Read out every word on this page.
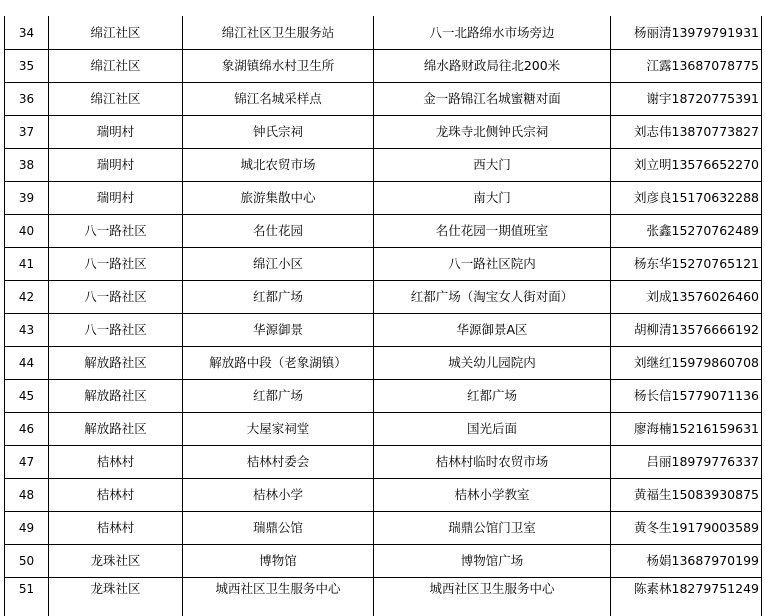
34	绵江社区	绵江社区卫生服务站	八一北路绵水市场旁边	杨丽清13979791931
35	绵江社区	象湖镇绵水村卫生所	绵水路财政局往北200米	江露13687078775
36	绵江社区	锦江名城采样点	金一路锦江名城蜜糖对面	谢宇18720775391
37	瑞明村	钟氏宗祠	龙珠寺北侧钟氏宗祠	刘志伟13870773827
38	瑞明村	城北农贸市场	西大门	刘立明13576652270
39	瑞明村	旅游集散中心	南大门	刘彦良15170632288
40	八一路社区	名仕花园	名仕花园一期值班室	张鑫15270762489
41	八一路社区	绵江小区	八一路社区院内	杨东华15270765121
42	八一路社区	红都广场	红都广场（淘宝女人街对面）	刘成13576026460
43	八一路社区	华源御景	华源御景A区	胡柳清13576666192
44	解放路社区	解放路中段（老象湖镇）	城关幼儿园院内	刘继红15979860708
45	解放路社区	红都广场	红都广场	杨长信15779071136
46	解放路社区	大屋家祠堂	国光后面	廖海楠15216159631
47	桔林村	桔林村委会	桔林村临时农贸市场	吕丽18979776337
48	桔林村	桔林小学	桔林小学教室	黄福生15083930875
49	桔林村	瑞鼎公馆	瑞鼎公馆门卫室	黄冬生19179003589
50	龙珠社区	博物馆	博物馆广场	杨娟13687970199
51	龙珠社区	城西社区卫生服务中心	城西社区卫生服务中心	陈素林18279751249
